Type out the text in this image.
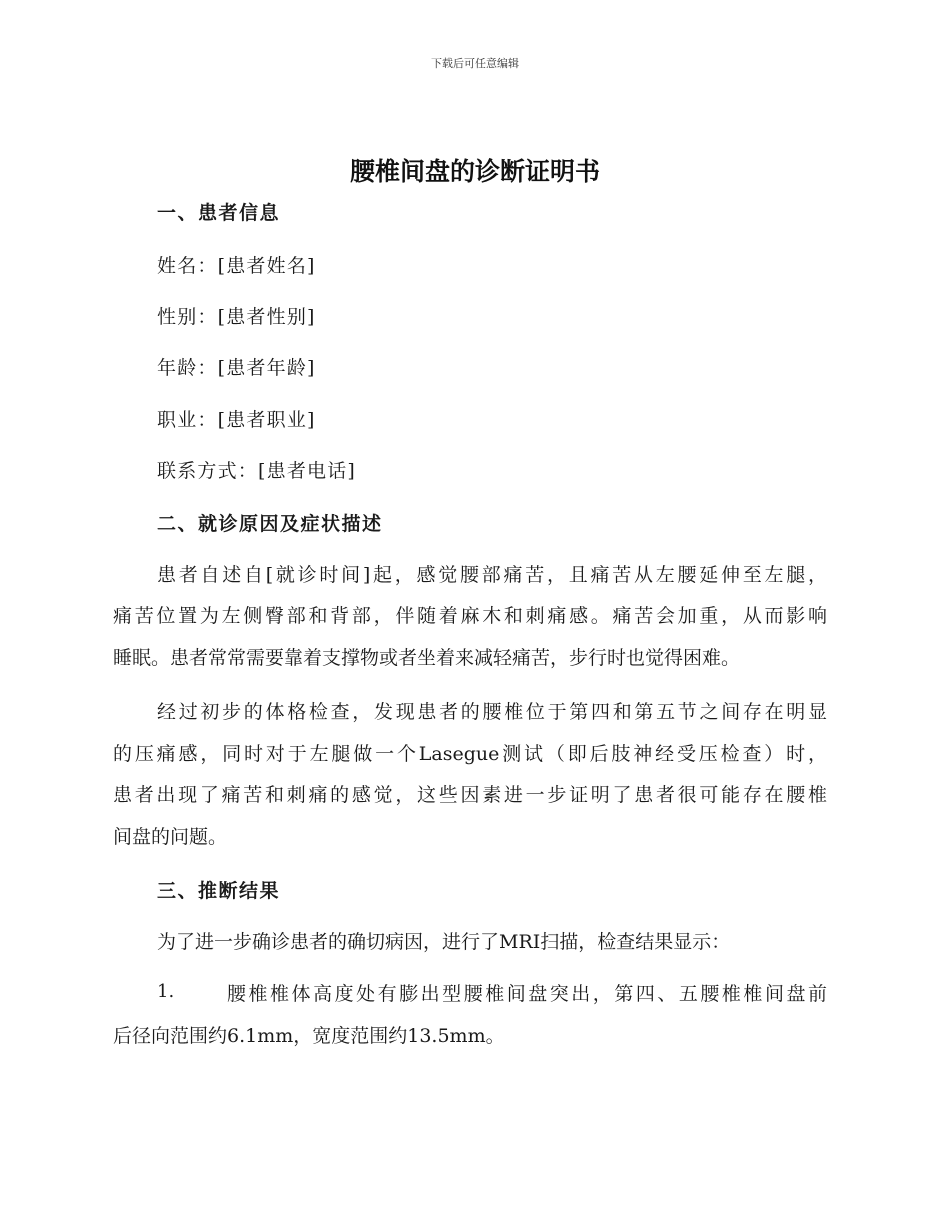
下载后可任意编辑
腰椎间盘的诊断证明书
一、患者信息
姓名：[患者姓名]
性别：[患者性别]
年龄：[患者年龄]
职业：[患者职业]
联系方式：[患者电话]
二、就诊原因及症状描述
患者自述自[就诊时间]起，感觉腰部痛苦，且痛苦从左腰延伸至左腿，
痛苦位置为左侧臀部和背部，伴随着麻木和刺痛感。痛苦会加重，从而影响
睡眠。患者常常需要靠着支撑物或者坐着来减轻痛苦，步行时也觉得困难。
经过初步的体格检查，发现患者的腰椎位于第四和第五节之间存在明显
的压痛感，同时对于左腿做一个Lasegue测试（即后肢神经受压检查）时，
患者出现了痛苦和刺痛的感觉，这些因素进一步证明了患者很可能存在腰椎
间盘的问题。
三、推断结果
为了进一步确诊患者的确切病因，进行了MRI扫描，检查结果显示：
1.	腰椎椎体高度处有膨出型腰椎间盘突出，第四、五腰椎椎间盘前
后径向范围约6.1mm，宽度范围约13.5mm。
